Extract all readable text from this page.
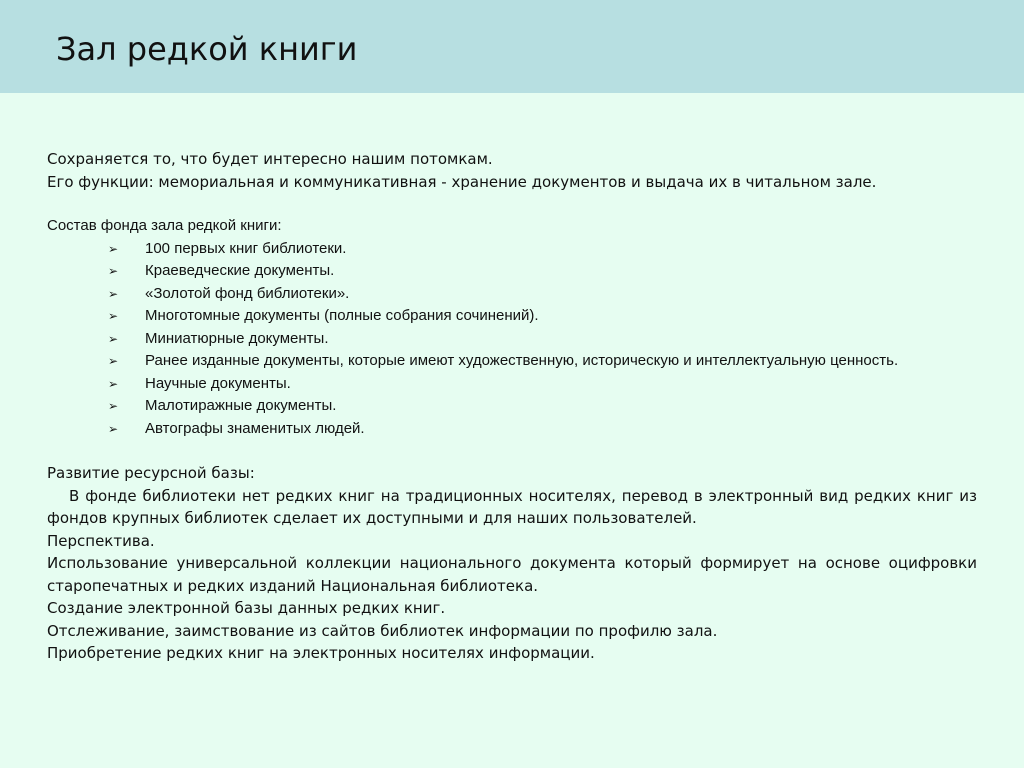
Зал редкой книги

Сохраняется то, что будет интересно нашим потомкам.

Его функции: мемориальная и коммуникативная - хранение документов и выдача их в читальном зале.

Состав фонда зала редкой книги:

➢ 100 первых книг библиотеки.
➢ Краеведческие документы.
➢ «Золотой фонд библиотеки».
➢ Многотомные документы (полные собрания сочинений).
➢ Миниатюрные документы.
➢ Ранее изданные документы, которые имеют художественную, историческую и интеллектуальную ценность.
➢ Научные документы.
➢ Малотиражные документы.
➢ Автографы знаменитых людей.

Развитие ресурсной базы:

В фонде библиотеки нет редких книг на традиционных носителях, перевод в электронный вид редких книг из фондов крупных библиотек сделает их доступными и для наших пользователей.

Перспектива.

Использование универсальной коллекции национального документа который формирует на основе оцифровки старопечатных и редких изданий Национальная библиотека.

Создание электронной базы данных редких книг.

Отслеживание, заимствование из сайтов библиотек информации по профилю зала.

Приобретение редких книг на электронных носителях информации.
